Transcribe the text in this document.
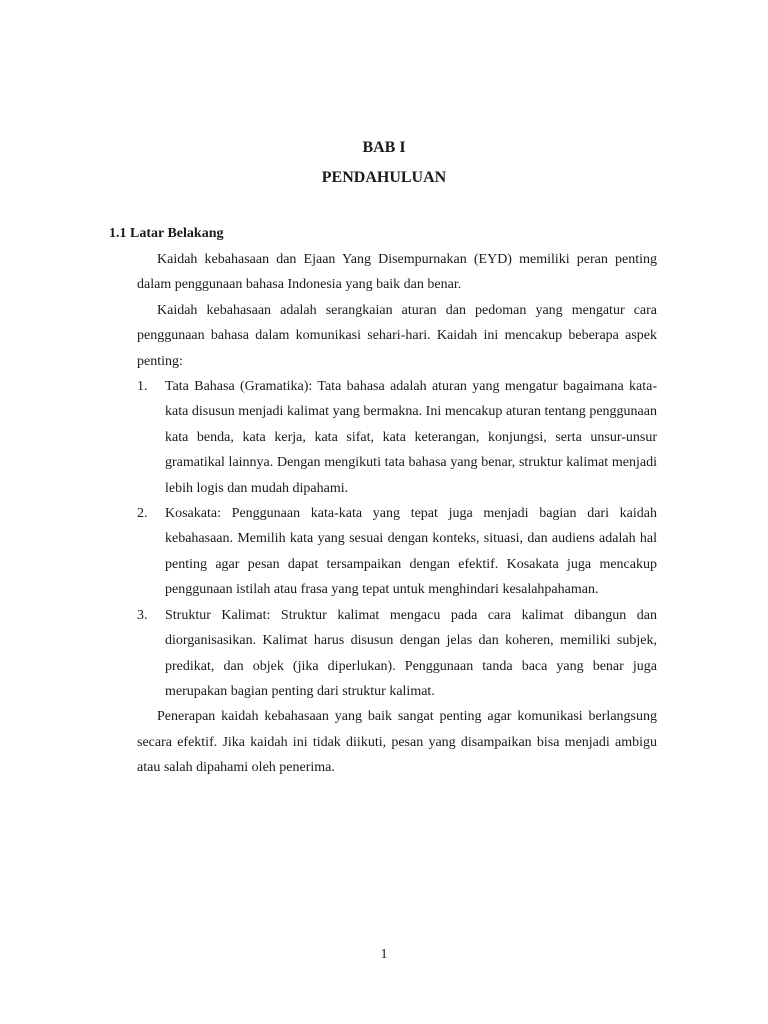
BAB I
PENDAHULUAN
1.1 Latar Belakang

Kaidah kebahasaan dan Ejaan Yang Disempurnakan (EYD) memiliki peran penting dalam penggunaan bahasa Indonesia yang baik dan benar.

Kaidah kebahasaan adalah serangkaian aturan dan pedoman yang mengatur cara penggunaan bahasa dalam komunikasi sehari-hari. Kaidah ini mencakup beberapa aspek penting:

1. Tata Bahasa (Gramatika): Tata bahasa adalah aturan yang mengatur bagaimana kata-kata disusun menjadi kalimat yang bermakna. Ini mencakup aturan tentang penggunaan kata benda, kata kerja, kata sifat, kata keterangan, konjungsi, serta unsur-unsur gramatikal lainnya. Dengan mengikuti tata bahasa yang benar, struktur kalimat menjadi lebih logis dan mudah dipahami.
2. Kosakata: Penggunaan kata-kata yang tepat juga menjadi bagian dari kaidah kebahasaan. Memilih kata yang sesuai dengan konteks, situasi, dan audiens adalah hal penting agar pesan dapat tersampaikan dengan efektif. Kosakata juga mencakup penggunaan istilah atau frasa yang tepat untuk menghindari kesalahpahaman.
3. Struktur Kalimat: Struktur kalimat mengacu pada cara kalimat dibangun dan diorganisasikan. Kalimat harus disusun dengan jelas dan koheren, memiliki subjek, predikat, dan objek (jika diperlukan). Penggunaan tanda baca yang benar juga merupakan bagian penting dari struktur kalimat.

Penerapan kaidah kebahasaan yang baik sangat penting agar komunikasi berlangsung secara efektif. Jika kaidah ini tidak diikuti, pesan yang disampaikan bisa menjadi ambigu atau salah dipahami oleh penerima.

1
